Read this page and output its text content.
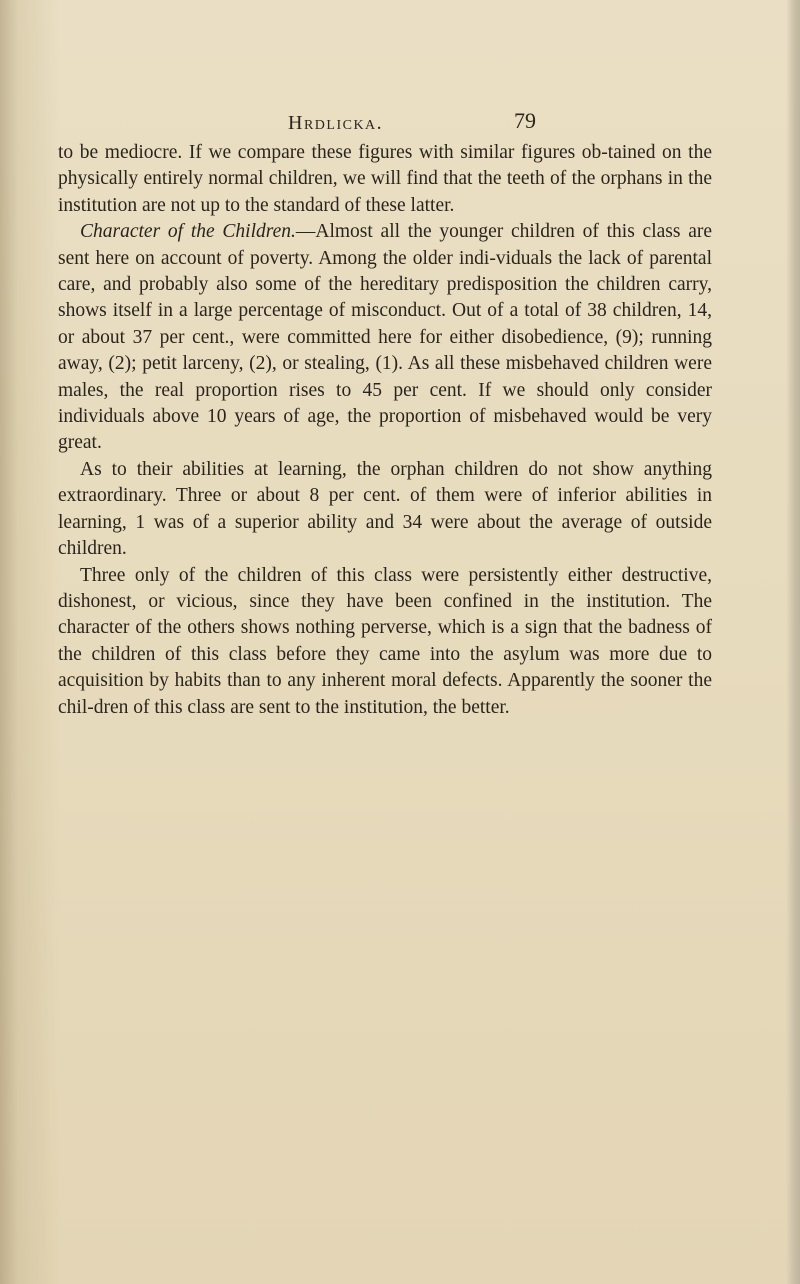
Hrdlicka.	79

to be mediocre. If we compare these figures with similar figures ob-tained on the physically entirely normal children, we will find that the teeth of the orphans in the institution are not up to the standard of these latter.

Character of the Children.—Almost all the younger children of this class are sent here on account of poverty. Among the older indi-viduals the lack of parental care, and probably also some of the hereditary predisposition the children carry, shows itself in a large percentage of misconduct. Out of a total of 38 children, 14, or about 37 per cent., were committed here for either disobedience, (9); running away, (2); petit larceny, (2), or stealing, (1). As all these misbehaved children were males, the real proportion rises to 45 per cent. If we should only consider individuals above 10 years of age, the proportion of misbehaved would be very great.

As to their abilities at learning, the orphan children do not show anything extraordinary. Three or about 8 per cent. of them were of inferior abilities in learning, 1 was of a superior ability and 34 were about the average of outside children.

Three only of the children of this class were persistently either destructive, dishonest, or vicious, since they have been confined in the institution. The character of the others shows nothing perverse, which is a sign that the badness of the children of this class before they came into the asylum was more due to acquisition by habits than to any inherent moral defects. Apparently the sooner the chil-dren of this class are sent to the institution, the better.
